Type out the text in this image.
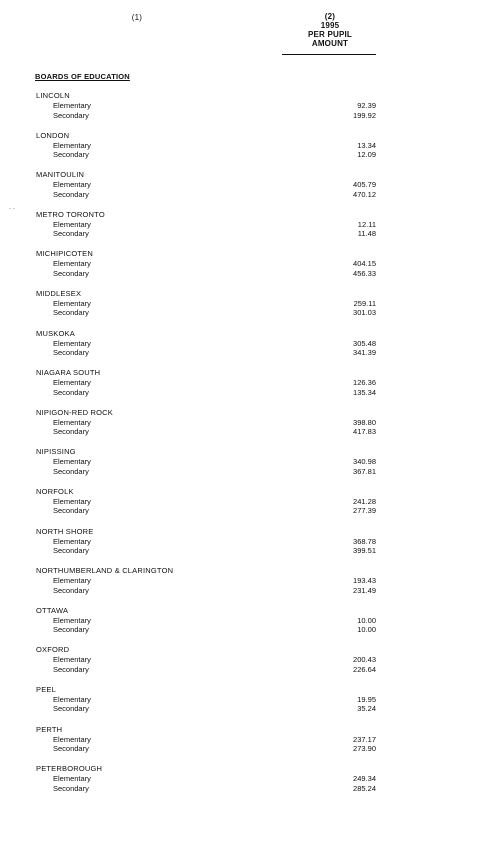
(1)	(2)
1995
PER PUPIL
AMOUNT
BOARDS OF EDUCATION
LINCOLN
Elementary	92.39
Secondary	199.92
LONDON
Elementary	13.34
Secondary	12.09
MANITOULIN
Elementary	405.79
Secondary	470.12
METRO TORONTO
Elementary	12.11
Secondary	11.48
MICHIPICOTEN
Elementary	404.15
Secondary	456.33
MIDDLESEX
Elementary	259.11
Secondary	301.03
MUSKOKA
Elementary	305.48
Secondary	341.39
NIAGARA SOUTH
Elementary	126.36
Secondary	135.34
NIPIGON-RED ROCK
Elementary	398.80
Secondary	417.83
NIPISSING
Elementary	340.98
Secondary	367.81
NORFOLK
Elementary	241.28
Secondary	277.39
NORTH SHORE
Elementary	368.78
Secondary	399.51
NORTHUMBERLAND & CLARINGTON
Elementary	193.43
Secondary	231.49
OTTAWA
Elementary	10.00
Secondary	10.00
OXFORD
Elementary	200.43
Secondary	226.64
PEEL
Elementary	19.95
Secondary	35.24
PERTH
Elementary	237.17
Secondary	273.90
PETERBOROUGH
Elementary	249.34
Secondary	285.24
. .
